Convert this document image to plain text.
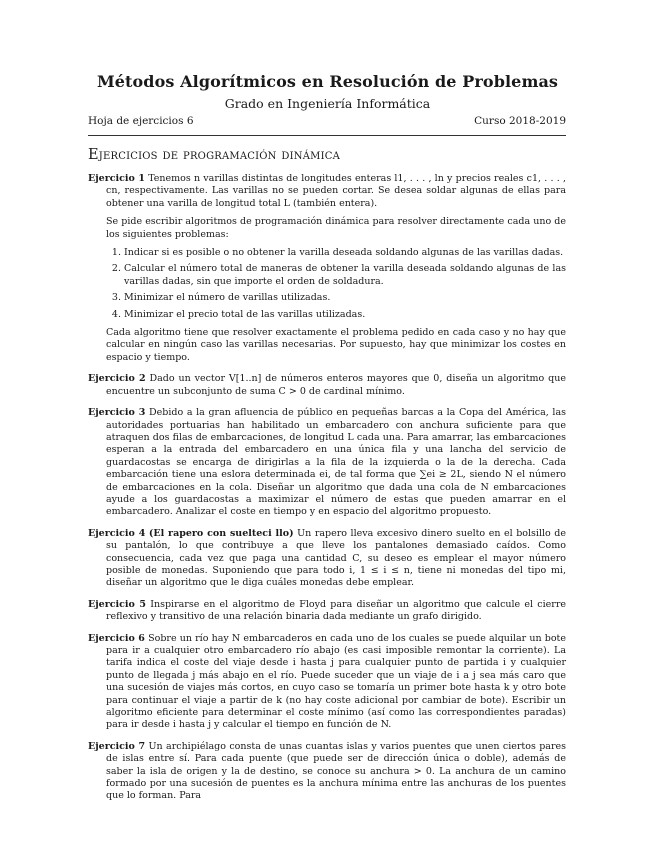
Métodos Algorítmicos en Resolución de Problemas
Grado en Ingeniería Informática
Hoja de ejercicios 6	Curso 2018-2019
Ejercicios de programación dinámica

Ejercicio 1 Tenemos n varillas distintas de longitudes enteras l1, . . . , ln y precios reales c1, . . . , cn, respectivamente. Las varillas no se pueden cortar. Se desea soldar algunas de ellas para obtener una varilla de longitud total L (también entera).

Se pide escribir algoritmos de programación dinámica para resolver directamente cada uno de los siguientes problemas:

1. Indicar si es posible o no obtener la varilla deseada soldando algunas de las varillas dadas.
2. Calcular el número total de maneras de obtener la varilla deseada soldando algunas de las varillas dadas, sin que importe el orden de soldadura.
3. Minimizar el número de varillas utilizadas.
4. Minimizar el precio total de las varillas utilizadas.

Cada algoritmo tiene que resolver exactamente el problema pedido en cada caso y no hay que calcular en ningún caso las varillas necesarias. Por supuesto, hay que minimizar los costes en espacio y tiempo.

Ejercicio 2 Dado un vector V[1..n] de números enteros mayores que 0, diseña un algoritmo que encuentre un subconjunto de suma C > 0 de cardinal mínimo.

Ejercicio 3 Debido a la gran afluencia de público en pequeñas barcas a la Copa del América, las autoridades portuarias han habilitado un embarcadero con anchura suficiente para que atraquen dos filas de embarcaciones, de longitud L cada una. Para amarrar, las embarcaciones esperan a la entrada del embarcadero en una única fila y una lancha del servicio de guardacostas se encarga de dirigirlas a la fila de la izquierda o la de la derecha. Cada embarcación tiene una eslora determinada ei, de tal forma que ∑ei ≥ 2L, siendo N el número de embarcaciones en la cola. Diseñar un algoritmo que dada una cola de N embarcaciones ayude a los guardacostas a maximizar el número de estas que pueden amarrar en el embarcadero. Analizar el coste en tiempo y en espacio del algoritmo propuesto.

Ejercicio 4 (El rapero con suelteci llo) Un rapero lleva excesivo dinero suelto en el bolsillo de su pantalón, lo que contribuye a que lleve los pantalones demasiado caídos. Como consecuencia, cada vez que paga una cantidad C, su deseo es emplear el mayor número posible de monedas. Suponiendo que para todo i, 1 ≤ i ≤ n, tiene ni monedas del tipo mi, diseñar un algoritmo que le diga cuáles monedas debe emplear.

Ejercicio 5 Inspirarse en el algoritmo de Floyd para diseñar un algoritmo que calcule el cierre reflexivo y transitivo de una relación binaria dada mediante un grafo dirigido.

Ejercicio 6 Sobre un río hay N embarcaderos en cada uno de los cuales se puede alquilar un bote para ir a cualquier otro embarcadero río abajo (es casi imposible remontar la corriente). La tarifa indica el coste del viaje desde i hasta j para cualquier punto de partida i y cualquier punto de llegada j más abajo en el río. Puede suceder que un viaje de i a j sea más caro que una sucesión de viajes más cortos, en cuyo caso se tomaría un primer bote hasta k y otro bote para continuar el viaje a partir de k (no hay coste adicional por cambiar de bote). Escribir un algoritmo eficiente para determinar el coste mínimo (así como las correspondientes paradas) para ir desde i hasta j y calcular el tiempo en función de N.

Ejercicio 7 Un archipiélago consta de unas cuantas islas y varios puentes que unen ciertos pares de islas entre sí. Para cada puente (que puede ser de dirección única o doble), además de saber la isla de origen y la de destino, se conoce su anchura > 0. La anchura de un camino formado por una sucesión de puentes es la anchura mínima entre las anchuras de los puentes que lo forman. Para
